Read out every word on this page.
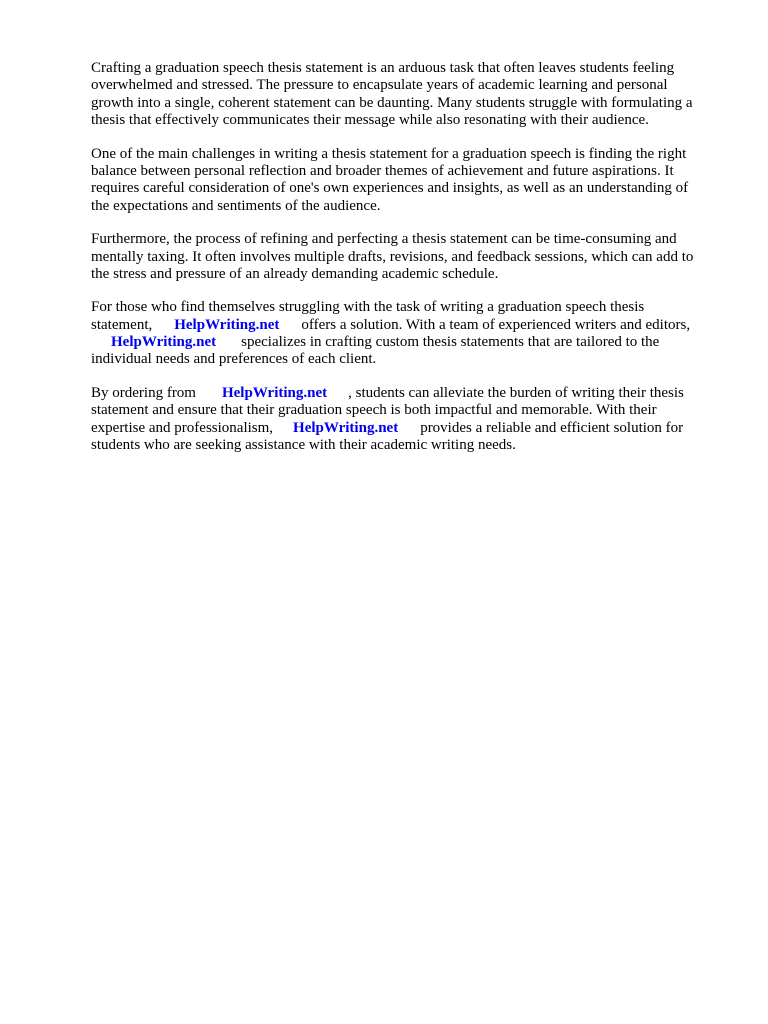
Crafting a graduation speech thesis statement is an arduous task that often leaves students feeling
overwhelmed and stressed. The pressure to encapsulate years of academic learning and personal
growth into a single, coherent statement can be daunting. Many students struggle with formulating a
thesis that effectively communicates their message while also resonating with their audience.

One of the main challenges in writing a thesis statement for a graduation speech is finding the right
balance between personal reflection and broader themes of achievement and future aspirations. It
requires careful consideration of one's own experiences and insights, as well as an understanding of
the expectations and sentiments of the audience.

Furthermore, the process of refining and perfecting a thesis statement can be time-consuming and
mentally taxing. It often involves multiple drafts, revisions, and feedback sessions, which can add to
the stress and pressure of an already demanding academic schedule.

For those who find themselves struggling with the task of writing a graduation speech thesis
statement, HelpWriting.net offers a solution. With a team of experienced writers and editors,
HelpWriting.net specializes in crafting custom thesis statements that are tailored to the
individual needs and preferences of each client.

By ordering from HelpWriting.net , students can alleviate the burden of writing their thesis
statement and ensure that their graduation speech is both impactful and memorable. With their
expertise and professionalism, HelpWriting.net provides a reliable and efficient solution for
students who are seeking assistance with their academic writing needs.
